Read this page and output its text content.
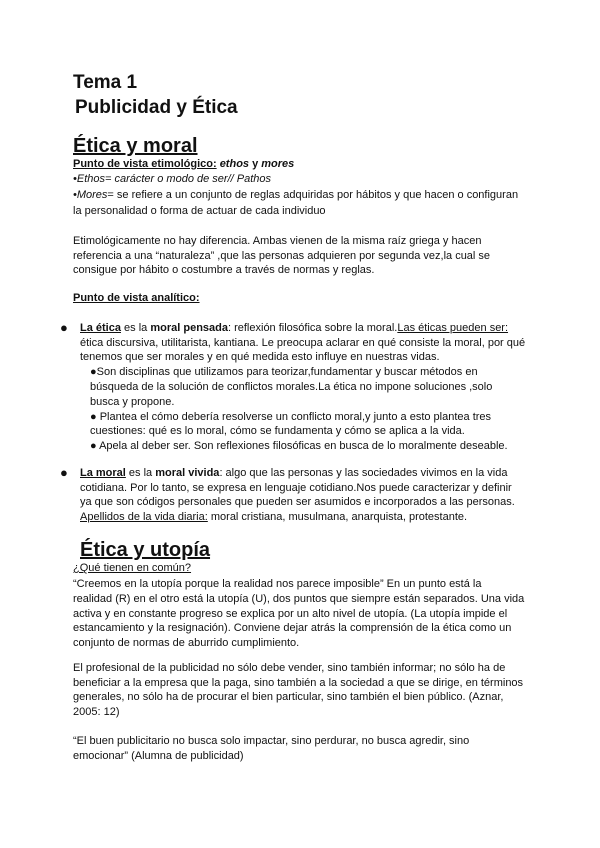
Tema 1
Publicidad y Ética
Ética y moral
Punto de vista etimológico: ethos y mores
•Ethos= carácter o modo de ser// Pathos
•Mores= se refiere a un conjunto de reglas adquiridas por hábitos y que hacen o configuran
la personalidad o forma de actuar de cada individuo
Etimológicamente no hay diferencia. Ambas vienen de la misma raíz griega y hacen
referencia a una “naturaleza” ,que las personas adquieren por segunda vez,la cual se
consigue por hábito o costumbre a través de normas y reglas.
Punto de vista analítico:
● La ética es la moral pensada: reflexión filosófica sobre la moral.Las éticas pueden ser:
ética discursiva, utilitarista, kantiana. Le preocupa aclarar en qué consiste la moral, por qué
tenemos que ser morales y en qué medida esto influye en nuestras vidas.
●Son disciplinas que utilizamos para teorizar,fundamentar y buscar métodos en
búsqueda de la solución de conflictos morales.La ética no impone soluciones ,solo
busca y propone.
● Plantea el cómo debería resolverse un conflicto moral,y junto a esto plantea tres
cuestiones: qué es lo moral, cómo se fundamenta y cómo se aplica a la vida.
● Apela al deber ser. Son reflexiones filosóficas en busca de lo moralmente deseable.
● La moral es la moral vivida: algo que las personas y las sociedades vivimos en la vida
cotidiana. Por lo tanto, se expresa en lenguaje cotidiano.Nos puede caracterizar y definir
ya que son códigos personales que pueden ser asumidos e incorporados a las personas.
Apellidos de la vida diaria: moral cristiana, musulmana, anarquista, protestante.
Ética y utopía
¿Qué tienen en común?
“Creemos en la utopía porque la realidad nos parece imposible” En un punto está la
realidad (R) en el otro está la utopía (U), dos puntos que siempre están separados. Una vida
activa y en constante progreso se explica por un alto nivel de utopía. (La utopía impide el
estancamiento y la resignación). Conviene dejar atrás la comprensión de la ética como un
conjunto de normas de aburrido cumplimiento.
El profesional de la publicidad no sólo debe vender, sino también informar; no sólo ha de
beneficiar a la empresa que la paga, sino también a la sociedad a que se dirige, en términos
generales, no sólo ha de procurar el bien particular, sino también el bien público. (Aznar,
2005: 12)
“El buen publicitario no busca solo impactar, sino perdurar, no busca agredir, sino
emocionar” (Alumna de publicidad)
